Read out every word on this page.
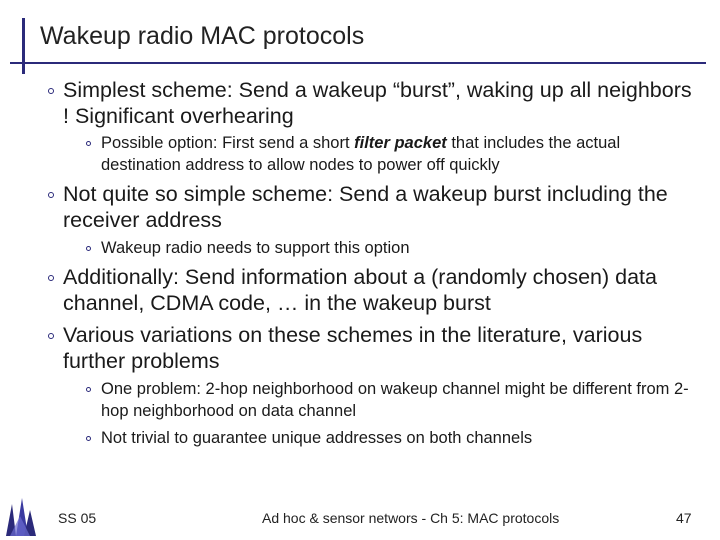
Wakeup radio MAC protocols
Simplest scheme: Send a wakeup “burst”, waking up all neighbors ! Significant overhearing
Possible option: First send a short filter packet that includes the actual destination address to allow nodes to power off quickly
Not quite so simple scheme: Send a wakeup burst including the receiver address
Wakeup radio needs to support this option
Additionally: Send information about a (randomly chosen) data channel, CDMA code, … in the wakeup burst
Various variations on these schemes in the literature, various further problems
One problem: 2-hop neighborhood on wakeup channel might be different from 2-hop neighborhood on data channel
Not trivial to guarantee unique addresses on both channels
SS 05	Ad hoc & sensor networs - Ch 5: MAC protocols	47
